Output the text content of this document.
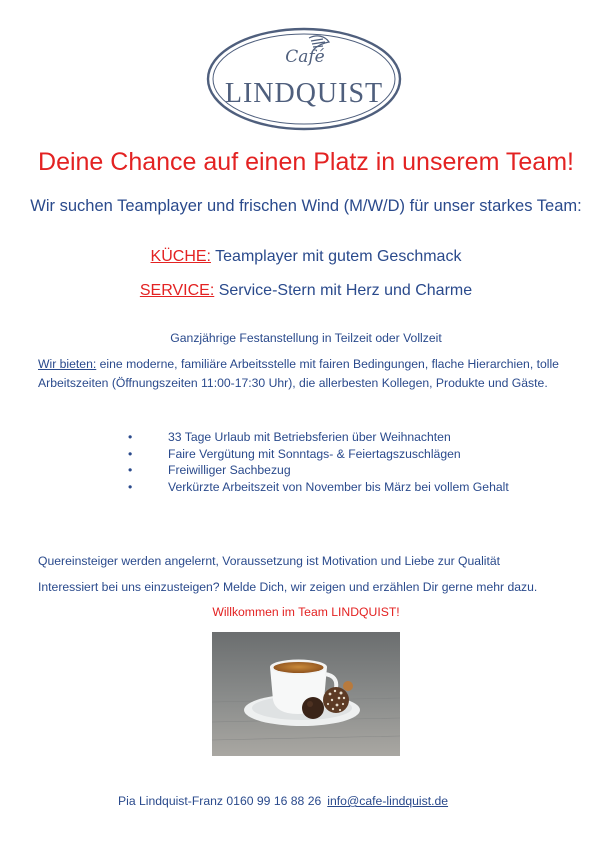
Café
LINDQUIST
Deine Chance auf einen Platz in unserem Team!
Wir suchen Teamplayer und frischen Wind (M/W/D) für unser starkes Team:
KÜCHE: Teamplayer mit gutem Geschmack
SERVICE: Service-Stern mit Herz und Charme
Ganzjährige Festanstellung in Teilzeit oder Vollzeit
Wir bieten: eine moderne, familiäre Arbeitsstelle mit fairen Bedingungen, flache Hierarchien, tolle Arbeitszeiten (Öffnungszeiten 11:00-17:30 Uhr), die allerbesten Kollegen, Produkte und Gäste.
•	33 Tage Urlaub mit Betriebsferien über Weihnachten
•	Faire Vergütung mit Sonntags- & Feiertagszuschlägen
•	Freiwilliger Sachbezug
•	Verkürzte Arbeitszeit von November bis März bei vollem Gehalt
Quereinsteiger werden angelernt, Voraussetzung ist Motivation und Liebe zur Qualität
Interessiert bei uns einzusteigen? Melde Dich, wir zeigen und erzählen Dir gerne mehr dazu.
Willkommen im Team LINDQUIST!
Pia Lindquist-Franz 0160 99 16 88 26 info@cafe-lindquist.de
